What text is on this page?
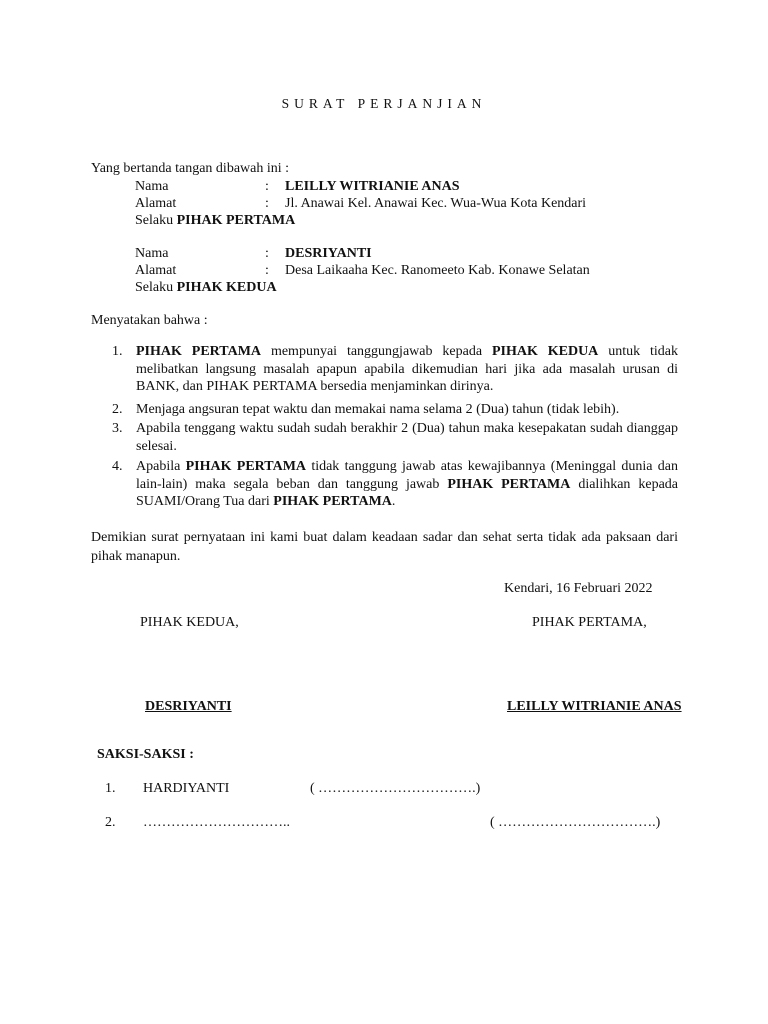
SURAT PERJANJIAN
Yang bertanda tangan dibawah ini :
Nama	: LEILLY WITRIANIE ANAS
Alamat	: Jl. Anawai Kel. Anawai Kec. Wua-Wua Kota Kendari
Selaku PIHAK PERTAMA
Nama	: DESRIYANTI
Alamat	: Desa Laikaaha Kec. Ranomeeto Kab. Konawe Selatan
Selaku PIHAK KEDUA
Menyatakan bahwa :
1. PIHAK PERTAMA mempunyai tanggungjawab kepada PIHAK KEDUA untuk tidak melibatkan langsung masalah apapun apabila dikemudian hari jika ada masalah urusan di BANK, dan PIHAK PERTAMA bersedia menjaminkan dirinya.
2. Menjaga angsuran tepat waktu dan memakai nama selama 2 (Dua) tahun (tidak lebih).
3. Apabila tenggang waktu sudah sudah berakhir 2 (Dua) tahun maka kesepakatan sudah dianggap selesai.
4. Apabila PIHAK PERTAMA tidak tanggung jawab atas kewajibannya (Meninggal dunia dan lain-lain) maka segala beban dan tanggung jawab PIHAK PERTAMA dialihkan kepada SUAMI/Orang Tua dari PIHAK PERTAMA.
Demikian surat pernyataan ini kami buat dalam keadaan sadar dan sehat serta tidak ada paksaan dari pihak manapun.
Kendari, 16 Februari 2022
PIHAK KEDUA,	PIHAK PERTAMA,
DESRIYANTI	LEILLY WITRIANIE ANAS
SAKSI-SAKSI :
1. HARDIYANTI	( …………………………….)
2. …………………………..	( …………………………….)
